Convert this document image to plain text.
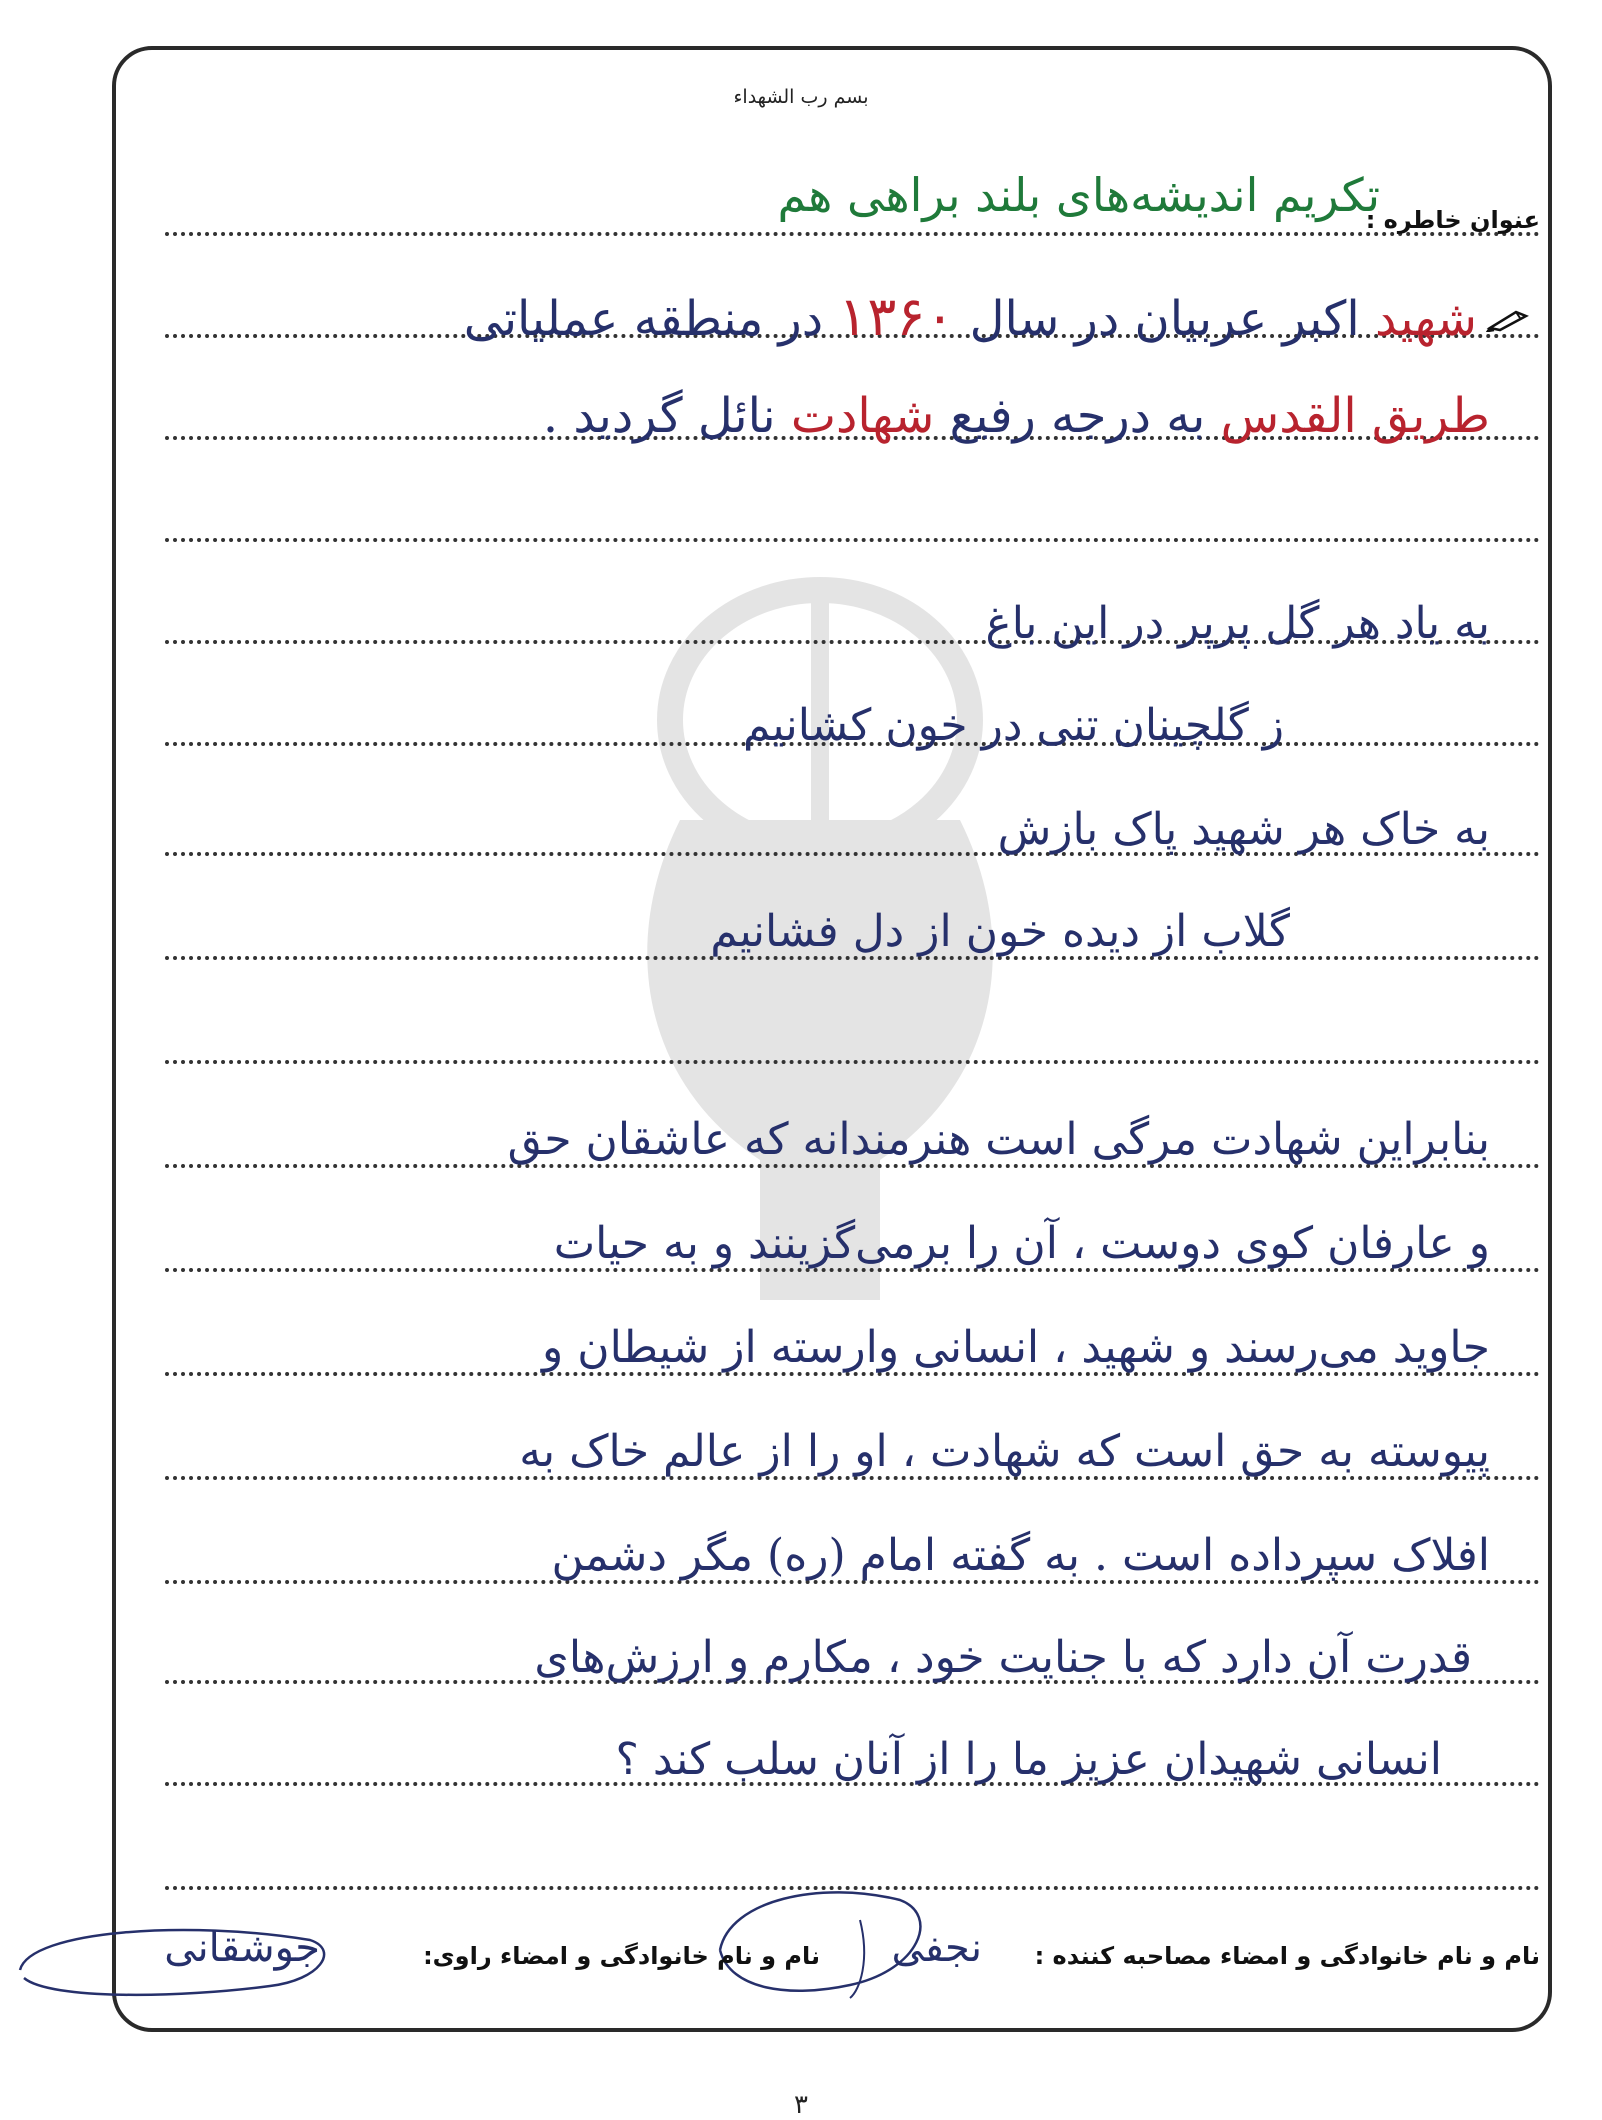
۱۳۵۸ و امور ایثارگران
بسم رب الشهداء
عنوان خاطره :
تکریم اندیشه‌های بلند براهی هم
شهید اکبر عربیان در سال ۱۳۶۰ در منطقه عملیاتی
طریق القدس به درجه رفیع شهادت نائل گردید .
به یاد هر گل پرپر در این باغ
ز گلچینان تنی در خون کشانیم
به خاک هر شهید پاک بازش
گلاب از دیده خون از دل فشانیم
بنابراین شهادت مرگی است هنرمندانه که عاشقان حق
و عارفان کوی دوست ، آن را برمی‌گزینند و به حیات
جاوید می‌رسند و شهید ، انسانی وارسته از شیطان و
پیوسته به حق است که شهادت ، او را از عالم خاک به
افلاک سپرداده است . به گفته امام (ره) مگر دشمن
قدرت آن دارد که با جنایت خود ، مکارم و ارزش‌های
انسانی شهیدان عزیز ما را از آنان سلب کند ؟
نام و نام خانوادگی و امضاء مصاحبه کننده :
نجفی
نام و نام خانوادگی و امضاء راوی:
جوشقانی
۳
